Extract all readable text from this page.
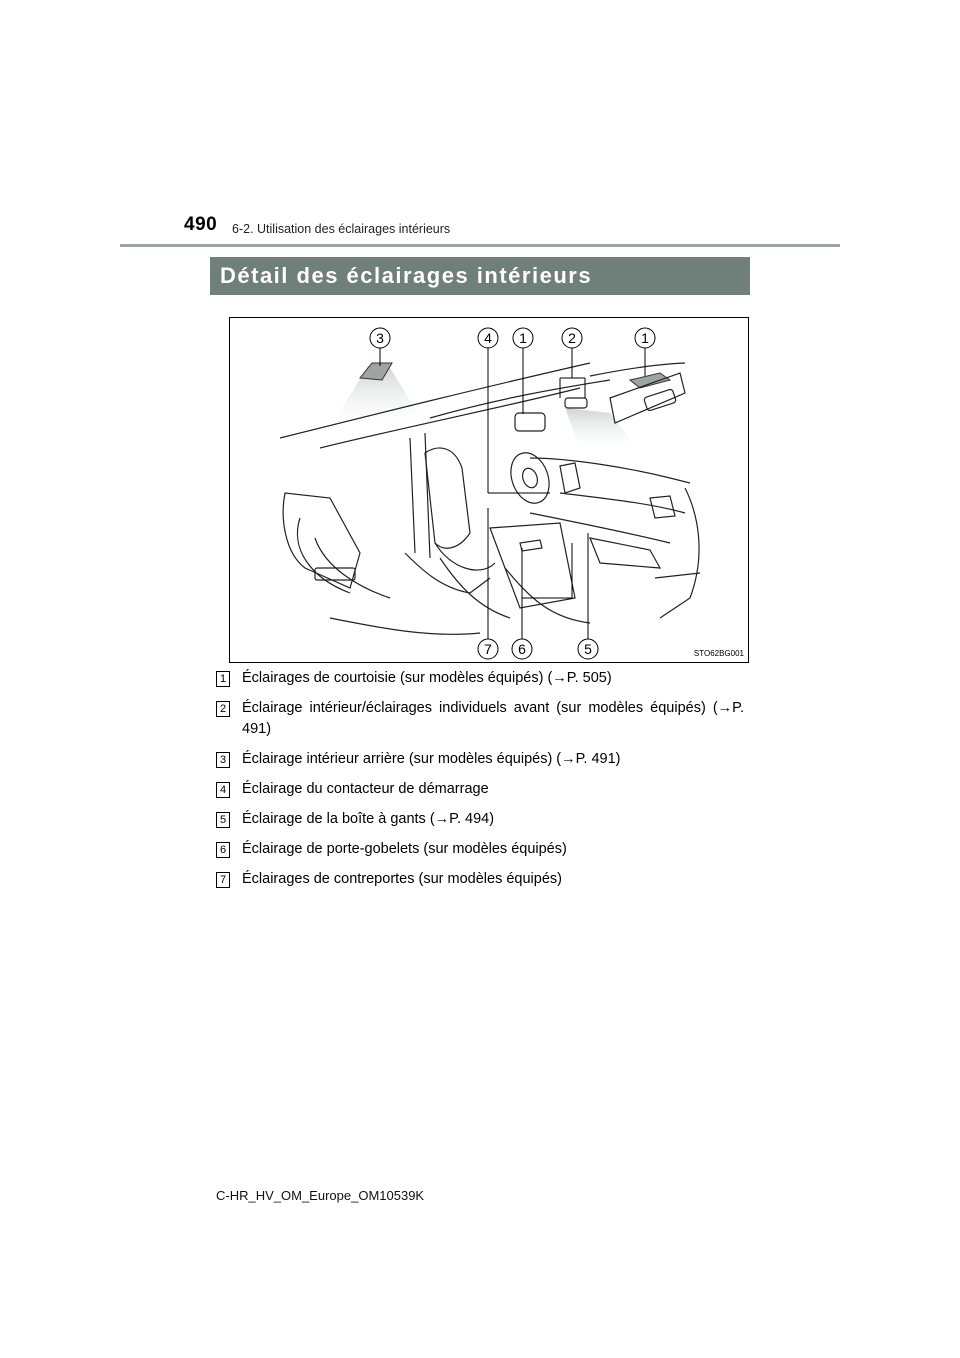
490 6-2. Utilisation des éclairages intérieurs
Détail des éclairages intérieurs
3	4 1	2	1
7 6	5	STO62BG001
1 Éclairages de courtoisie (sur modèles équipés) (→P. 505)
2 Éclairage intérieur/éclairages individuels avant (sur modèles équipés) (→P. 491)
3 Éclairage intérieur arrière (sur modèles équipés) (→P. 491)
4 Éclairage du contacteur de démarrage
5 Éclairage de la boîte à gants (→P. 494)
6 Éclairage de porte-gobelets (sur modèles équipés)
7 Éclairages de contreportes (sur modèles équipés)
C-HR_HV_OM_Europe_OM10539K
